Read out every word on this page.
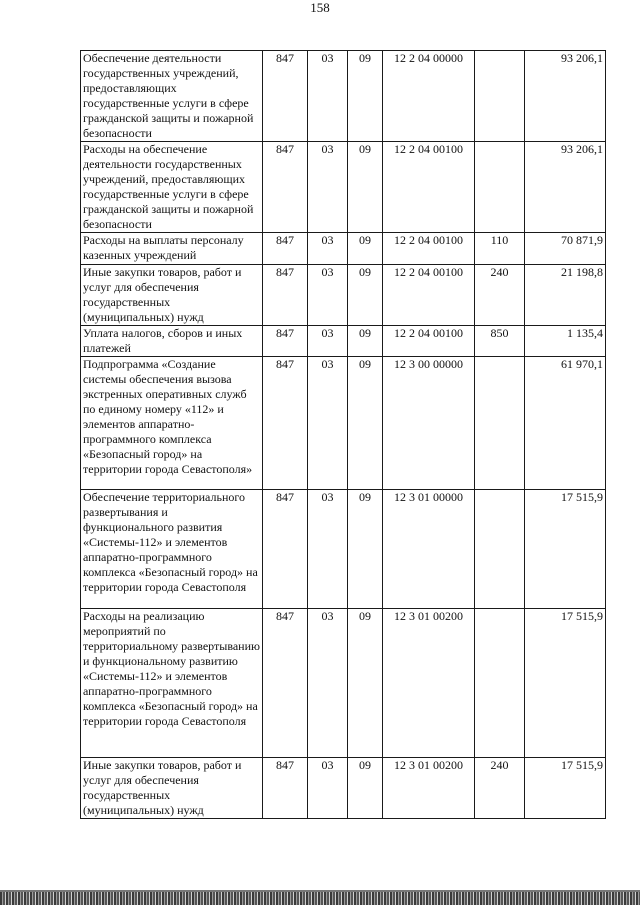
158
Обеспечение деятельности государственных учреждений, предоставляющих государственные услуги в сфере гражданской защиты и пожарной безопасности	847	03	09	12 2 04 00000		93 206,1
Расходы на обеспечение деятельности государственных учреждений, предоставляющих государственные услуги в сфере гражданской защиты и пожарной безопасности	847	03	09	12 2 04 00100		93 206,1
Расходы на выплаты персоналу казенных учреждений	847	03	09	12 2 04 00100	110	70 871,9
Иные закупки товаров, работ и услуг для обеспечения государственных (муниципальных) нужд	847	03	09	12 2 04 00100	240	21 198,8
Уплата налогов, сборов и иных платежей	847	03	09	12 2 04 00100	850	1 135,4
Подпрограмма «Создание системы обеспечения вызова экстренных оперативных служб по единому номеру «112» и элементов аппаратно-программного комплекса «Безопасный город» на территории города Севастополя»	847	03	09	12 3 00 00000		61 970,1
Обеспечение территориального развертывания и функционального развития «Системы-112» и элементов аппаратно-программного комплекса «Безопасный город» на территории города Севастополя	847	03	09	12 3 01 00000		17 515,9
Расходы на реализацию мероприятий по территориальному развертыванию и функциональному развитию «Системы-112» и элементов аппаратно-программного комплекса «Безопасный город» на территории города Севастополя	847	03	09	12 3 01 00200		17 515,9
Иные закупки товаров, работ и услуг для обеспечения государственных (муниципальных) нужд	847	03	09	12 3 01 00200	240	17 515,9
